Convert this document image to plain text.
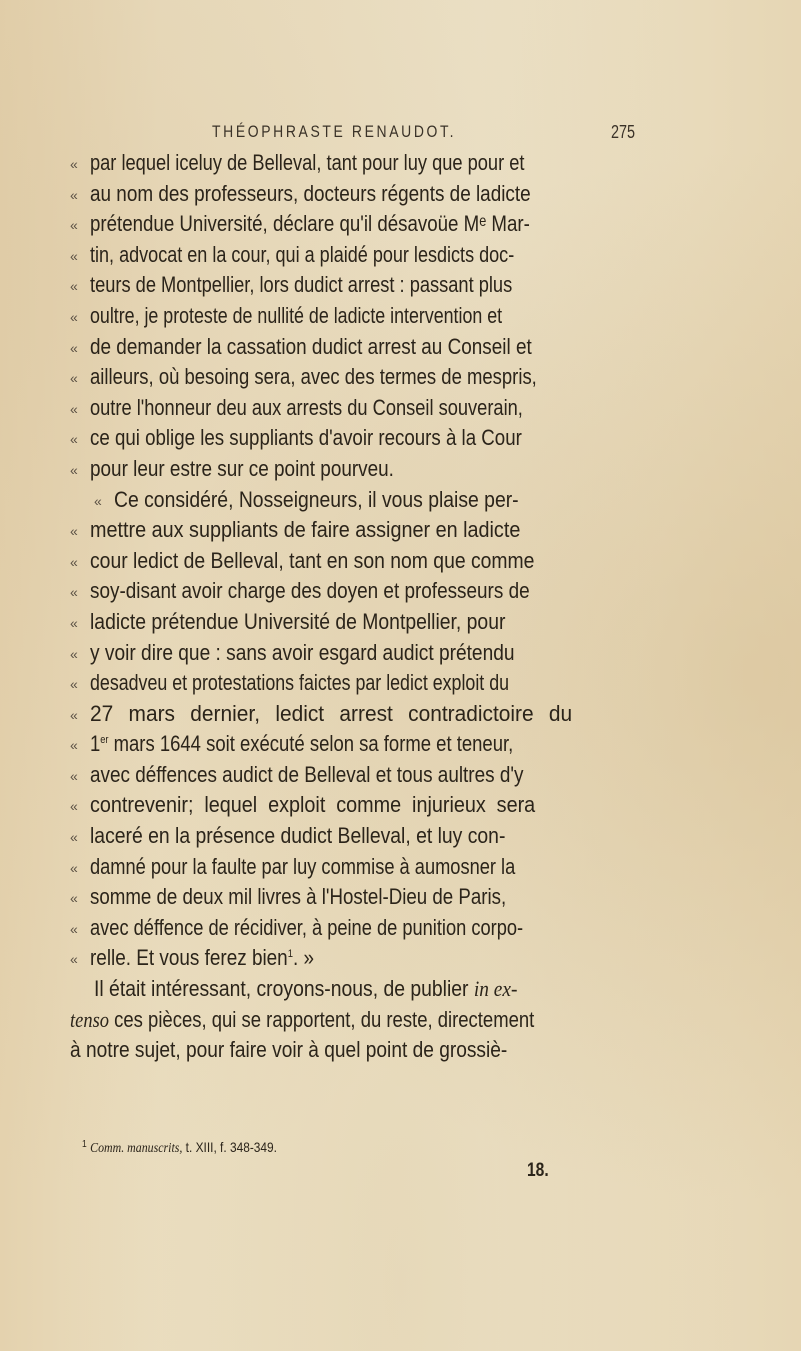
THÉOPHRASTE RENAUDOT.	275
« par lequel iceluy de Belleval, tant pour luy que pour et
« au nom des professeurs, docteurs régents de ladicte
« prétendue Université, déclare qu'il désavoüe Mᵉ Mar-
« tin, advocat en la cour, qui a plaidé pour lesdicts doc-
« teurs de Montpellier, lors dudict arrest : passant plus
« oultre, je proteste de nullité de ladicte intervention et
« de demander la cassation dudict arrest au Conseil et
« ailleurs, où besoing sera, avec des termes de mespris,
« outre l'honneur deu aux arrests du Conseil souverain,
« ce qui oblige les suppliants d'avoir recours à la Cour
« pour leur estre sur ce point pourveu.
« Ce considéré, Nosseigneurs, il vous plaise per-
« mettre aux suppliants de faire assigner en ladicte
« cour ledict de Belleval, tant en son nom que comme
« soy-disant avoir charge des doyen et professeurs de
« ladicte prétendue Université de Montpellier, pour
« y voir dire que : sans avoir esgard audict prétendu
« desadveu et protestations faictes par ledict exploit du
« 27 mars dernier, ledict arrest contradictoire du
« 1er mars 1644 soit exécuté selon sa forme et teneur,
« avec déffences audict de Belleval et tous aultres d'y
« contrevenir; lequel exploit comme injurieux sera
« laceré en la présence dudict Belleval, et luy con-
« damné pour la faulte par luy commise à aumosner la
« somme de deux mil livres à l'Hostel-Dieu de Paris,
« avec déffence de récidiver, à peine de punition corpo-
« relle. Et vous ferez bien$^1$. »
Il était intéressant, croyons-nous, de publier in ex-
tenso ces pièces, qui se rapportent, du reste, directement
à notre sujet, pour faire voir à quel point de grossiè-
$^1$ Comm. manuscrits, t. XIII, f. 348-349.
18.
